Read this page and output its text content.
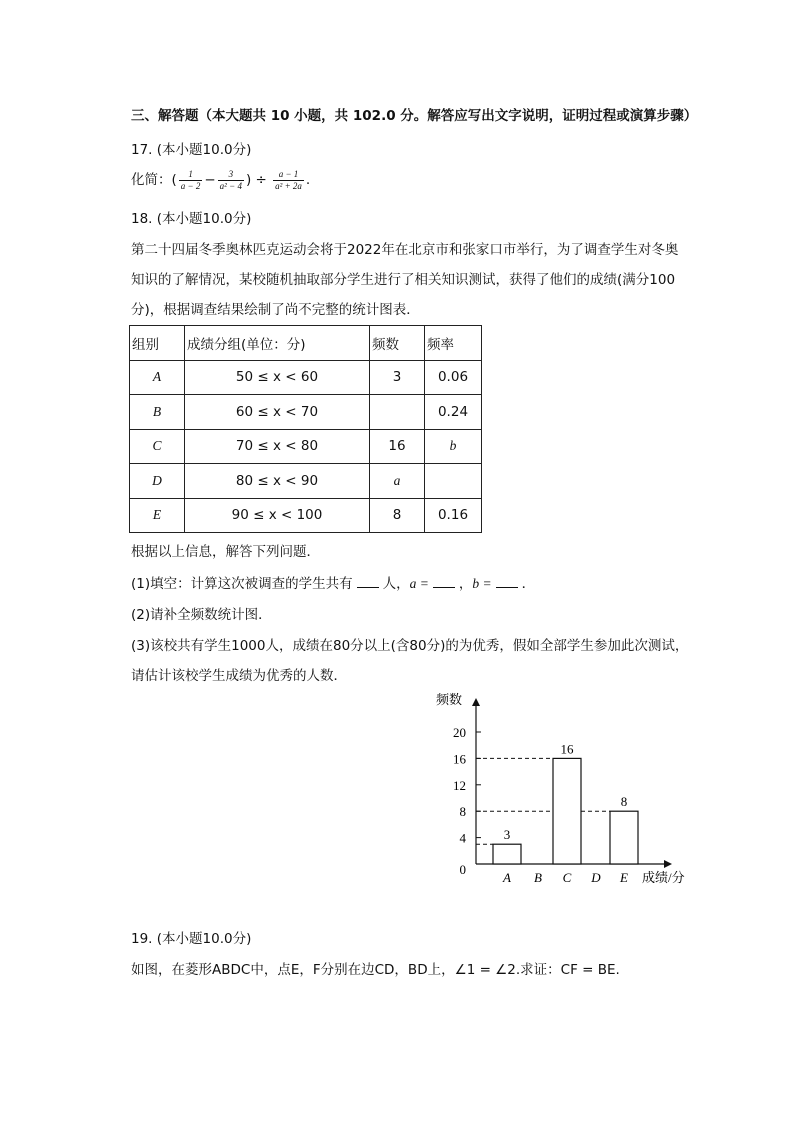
三、解答题（本大题共 10 小题，共 102.0 分。解答应写出文字说明，证明过程或演算步骤）
17. (本小题10.0分)
化简：( $\frac{1}{a - 2} - \frac{3}{\text{a² − 4}}$ ) ÷ $\frac{a - 1}{\text{a² + 2a}}$ .
18. (本小题10.0分)
第二十四届冬季奥林匹克运动会将于2022年在北京市和张家口市举行，为了调查学生对冬奥
知识的了解情况，某校随机抽取部分学生进行了相关知识测试，获得了他们的成绩(满分100
分)，根据调查结果绘制了尚不完整的统计图表．
组别	成绩分组(单位：分)	频数	频率
A	50 ≤ x < 60	3	0.06
B	60 ≤ x < 70		0.24
C	70 ≤ x < 80	16	b
D	80 ≤ x < 90	a	
E	90 ≤ x < 100	8	0.16
根据以上信息，解答下列问题．
(1)填空：计算这次被调查的学生共有 人，a = ，b = ．
(2)请补全频数统计图．
(3)该校共有学生1000人，成绩在80分以上(含80分)的为优秀，假如全部学生参加此次测试，
请估计该校学生成绩为优秀的人数．
频数
成绩/分
0
4
8
12
16
20
3
16
8
A B C D E
19. (本小题10.0分)
如图，在菱形ABDC中，点E，F分别在边CD，BD上，∠1 = ∠2.求证：CF = BE.
